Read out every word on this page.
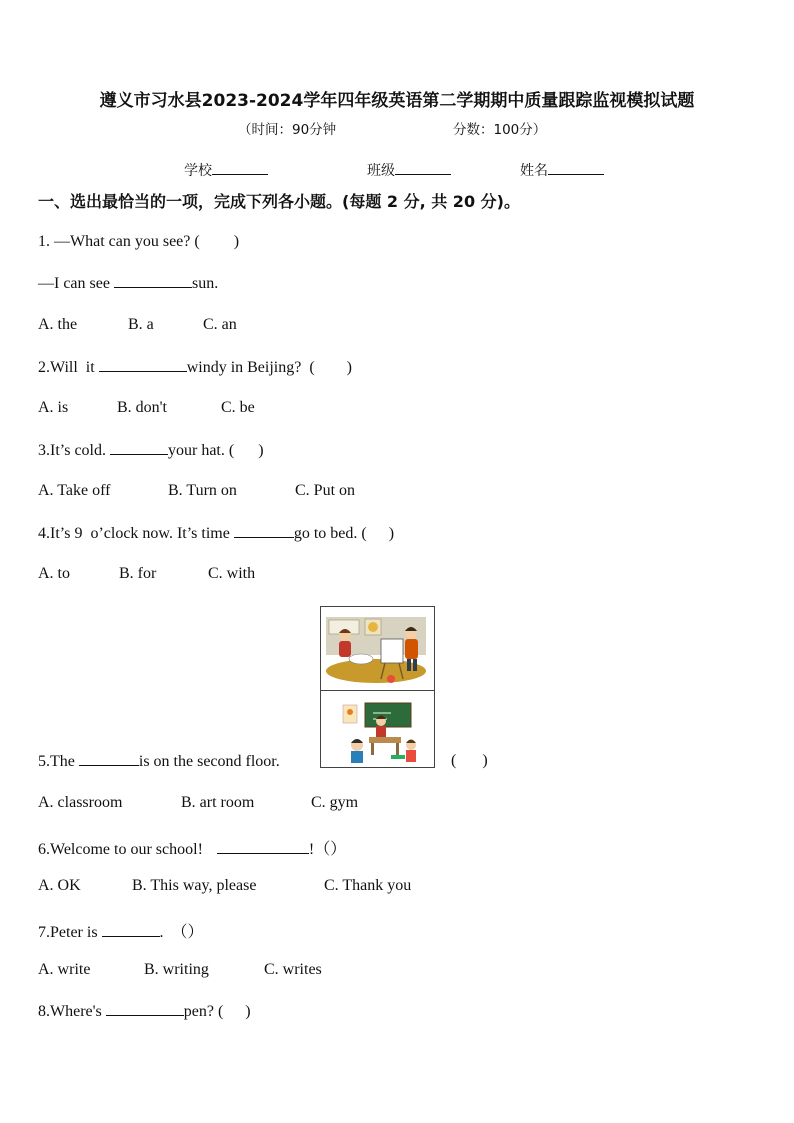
遵义市习水县2023-2024学年四年级英语第二学期期中质量跟踪监视模拟试题
（时间：90分钟	分数：100分）
学校	班级	姓名
一、选出最恰当的一项，完成下列各小题。(每题 2 分, 共 20 分)。
1. —What can you see? ( )
—I can see	sun.
A. the	B. a	C. an
2.Will  it	windy in Beijing?  ( )
A. is	B. don't	C. be
3.It’s cold.	your hat. ( )
A. Take off	B. Turn on	C. Put on
4.It’s 9  o’clock now. It’s time	go to bed. ( )
A. to	B. for	C. with
5.The	is on the second floor.	( )
A. classroom	B. art room	C. gym
6.Welcome to our school!	!（）
A. OK	B. This way, please	C. Thank you
7.Peter is	.  （）
A. write	B. writing	C. writes
8.Where's	pen? ( )
